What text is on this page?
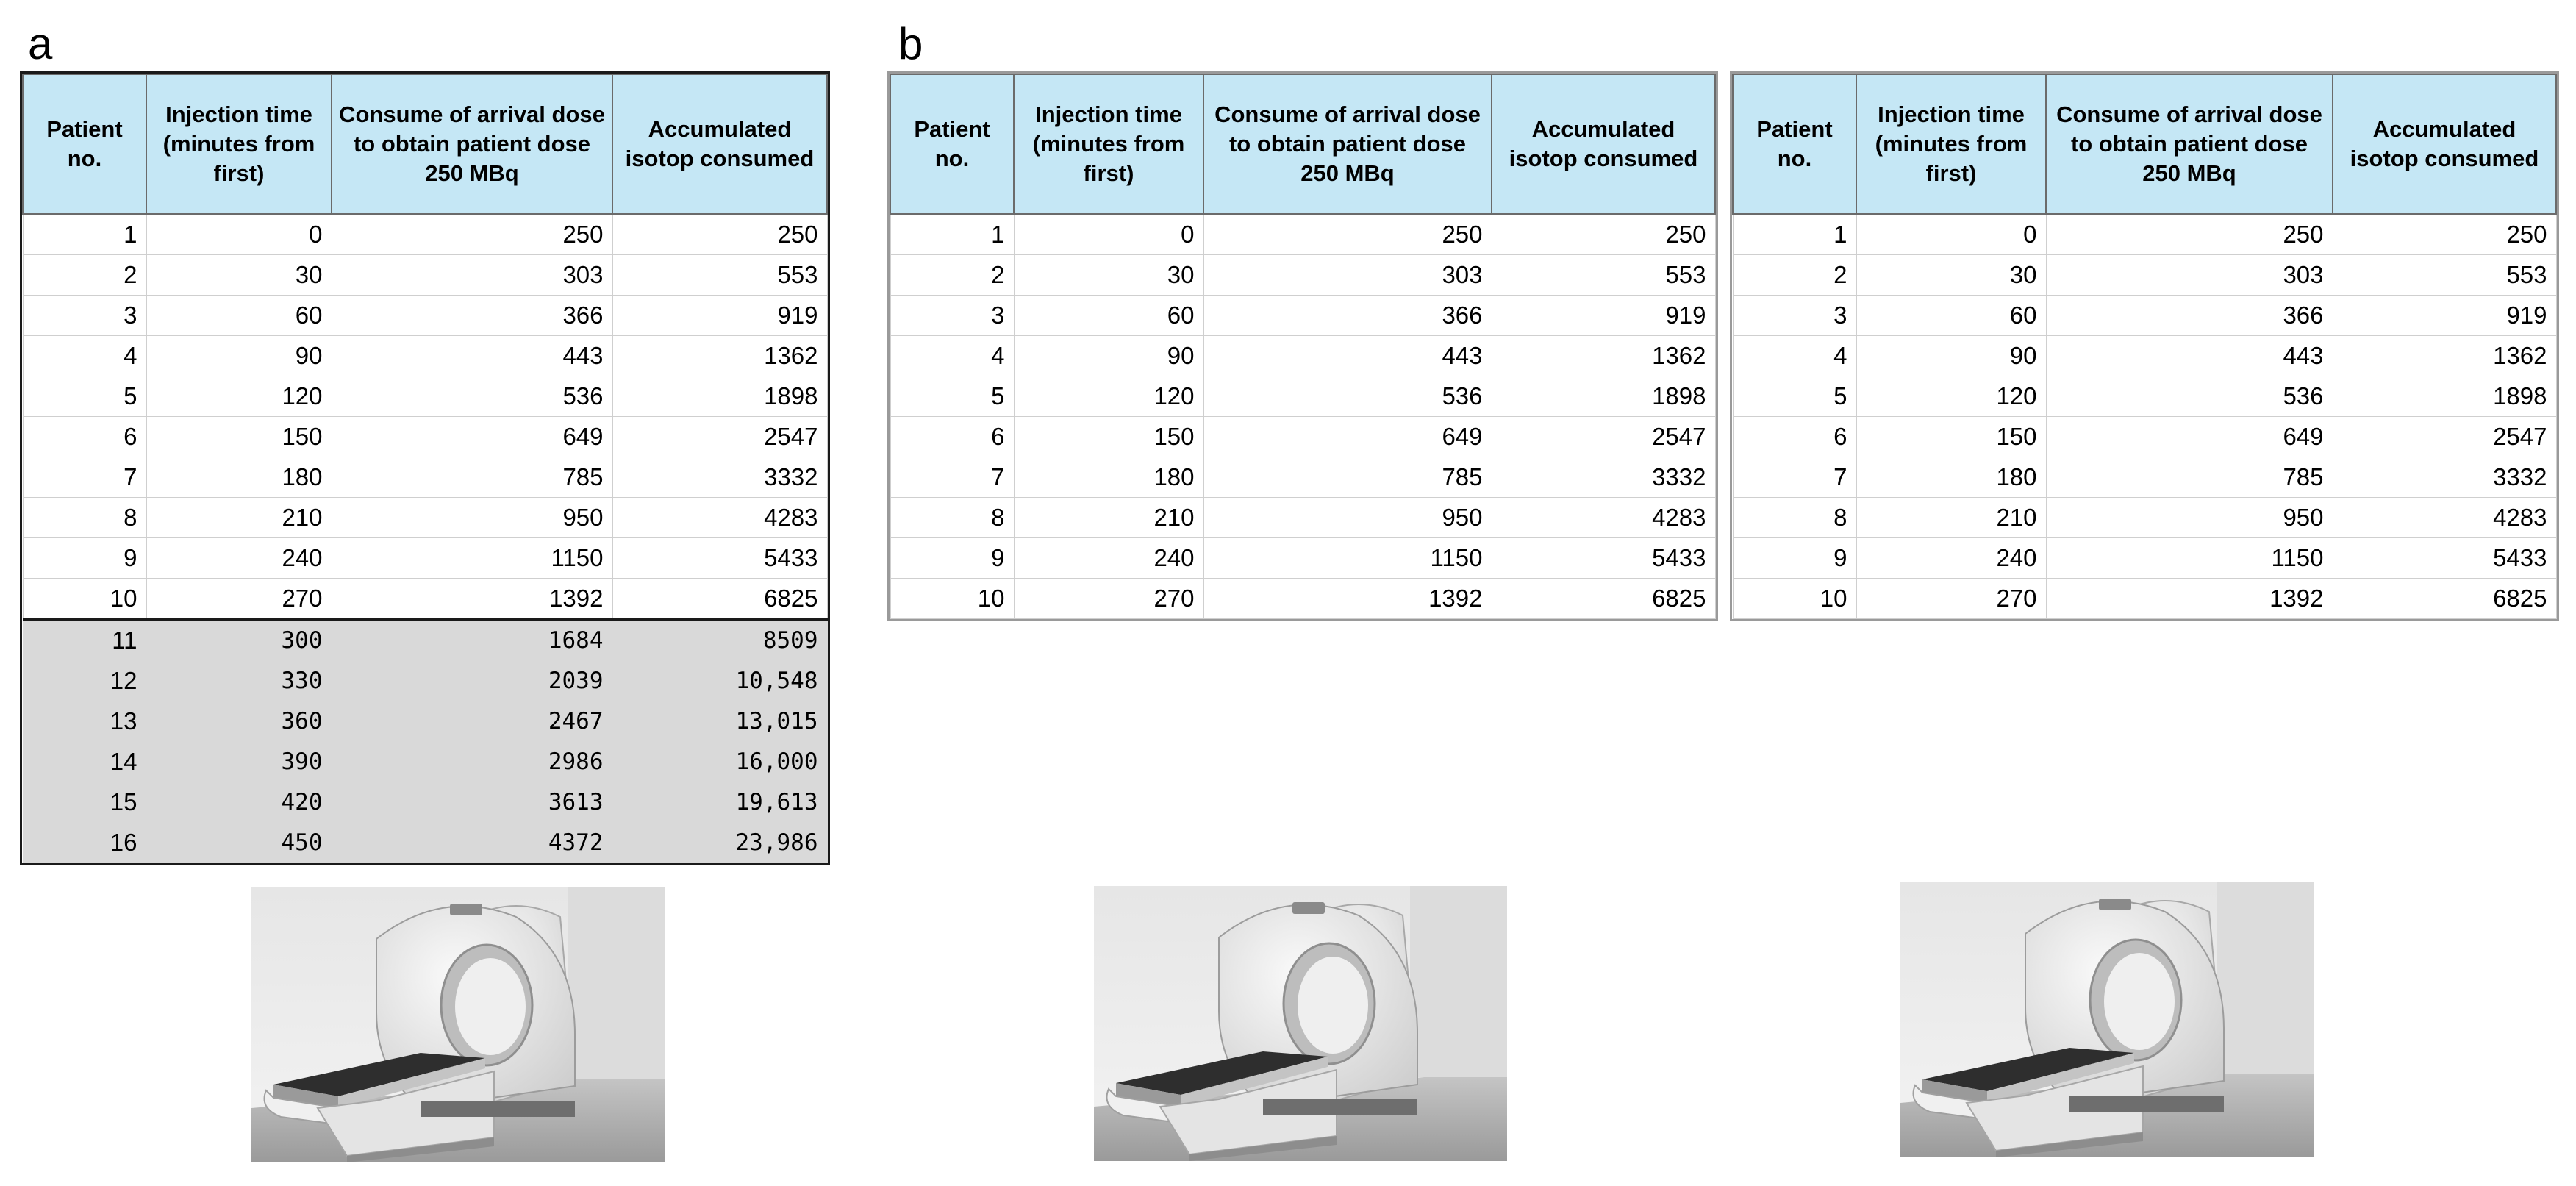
a	b
Patient no.	Injection time (minutes from first)	Consume of arrival dose to obtain patient dose 250 MBq	Accumulated isotop consumed
1	0	250	250
2	30	303	553
3	60	366	919
4	90	443	1362
5	120	536	1898
6	150	649	2547
7	180	785	3332
8	210	950	4283
9	240	1150	5433
10	270	1392	6825
11	300	1684	8509
12	330	2039	10,548
13	360	2467	13,015
14	390	2986	16,000
15	420	3613	19,613
16	450	4372	23,986
Patient no.	Injection time (minutes from first)	Consume of arrival dose to obtain patient dose 250 MBq	Accumulated isotop consumed
1	0	250	250
2	30	303	553
3	60	366	919
4	90	443	1362
5	120	536	1898
6	150	649	2547
7	180	785	3332
8	210	950	4283
9	240	1150	5433
10	270	1392	6825
Patient no.	Injection time (minutes from first)	Consume of arrival dose to obtain patient dose 250 MBq	Accumulated isotop consumed
1	0	250	250
2	30	303	553
3	60	366	919
4	90	443	1362
5	120	536	1898
6	150	649	2547
7	180	785	3332
8	210	950	4283
9	240	1150	5433
10	270	1392	6825
